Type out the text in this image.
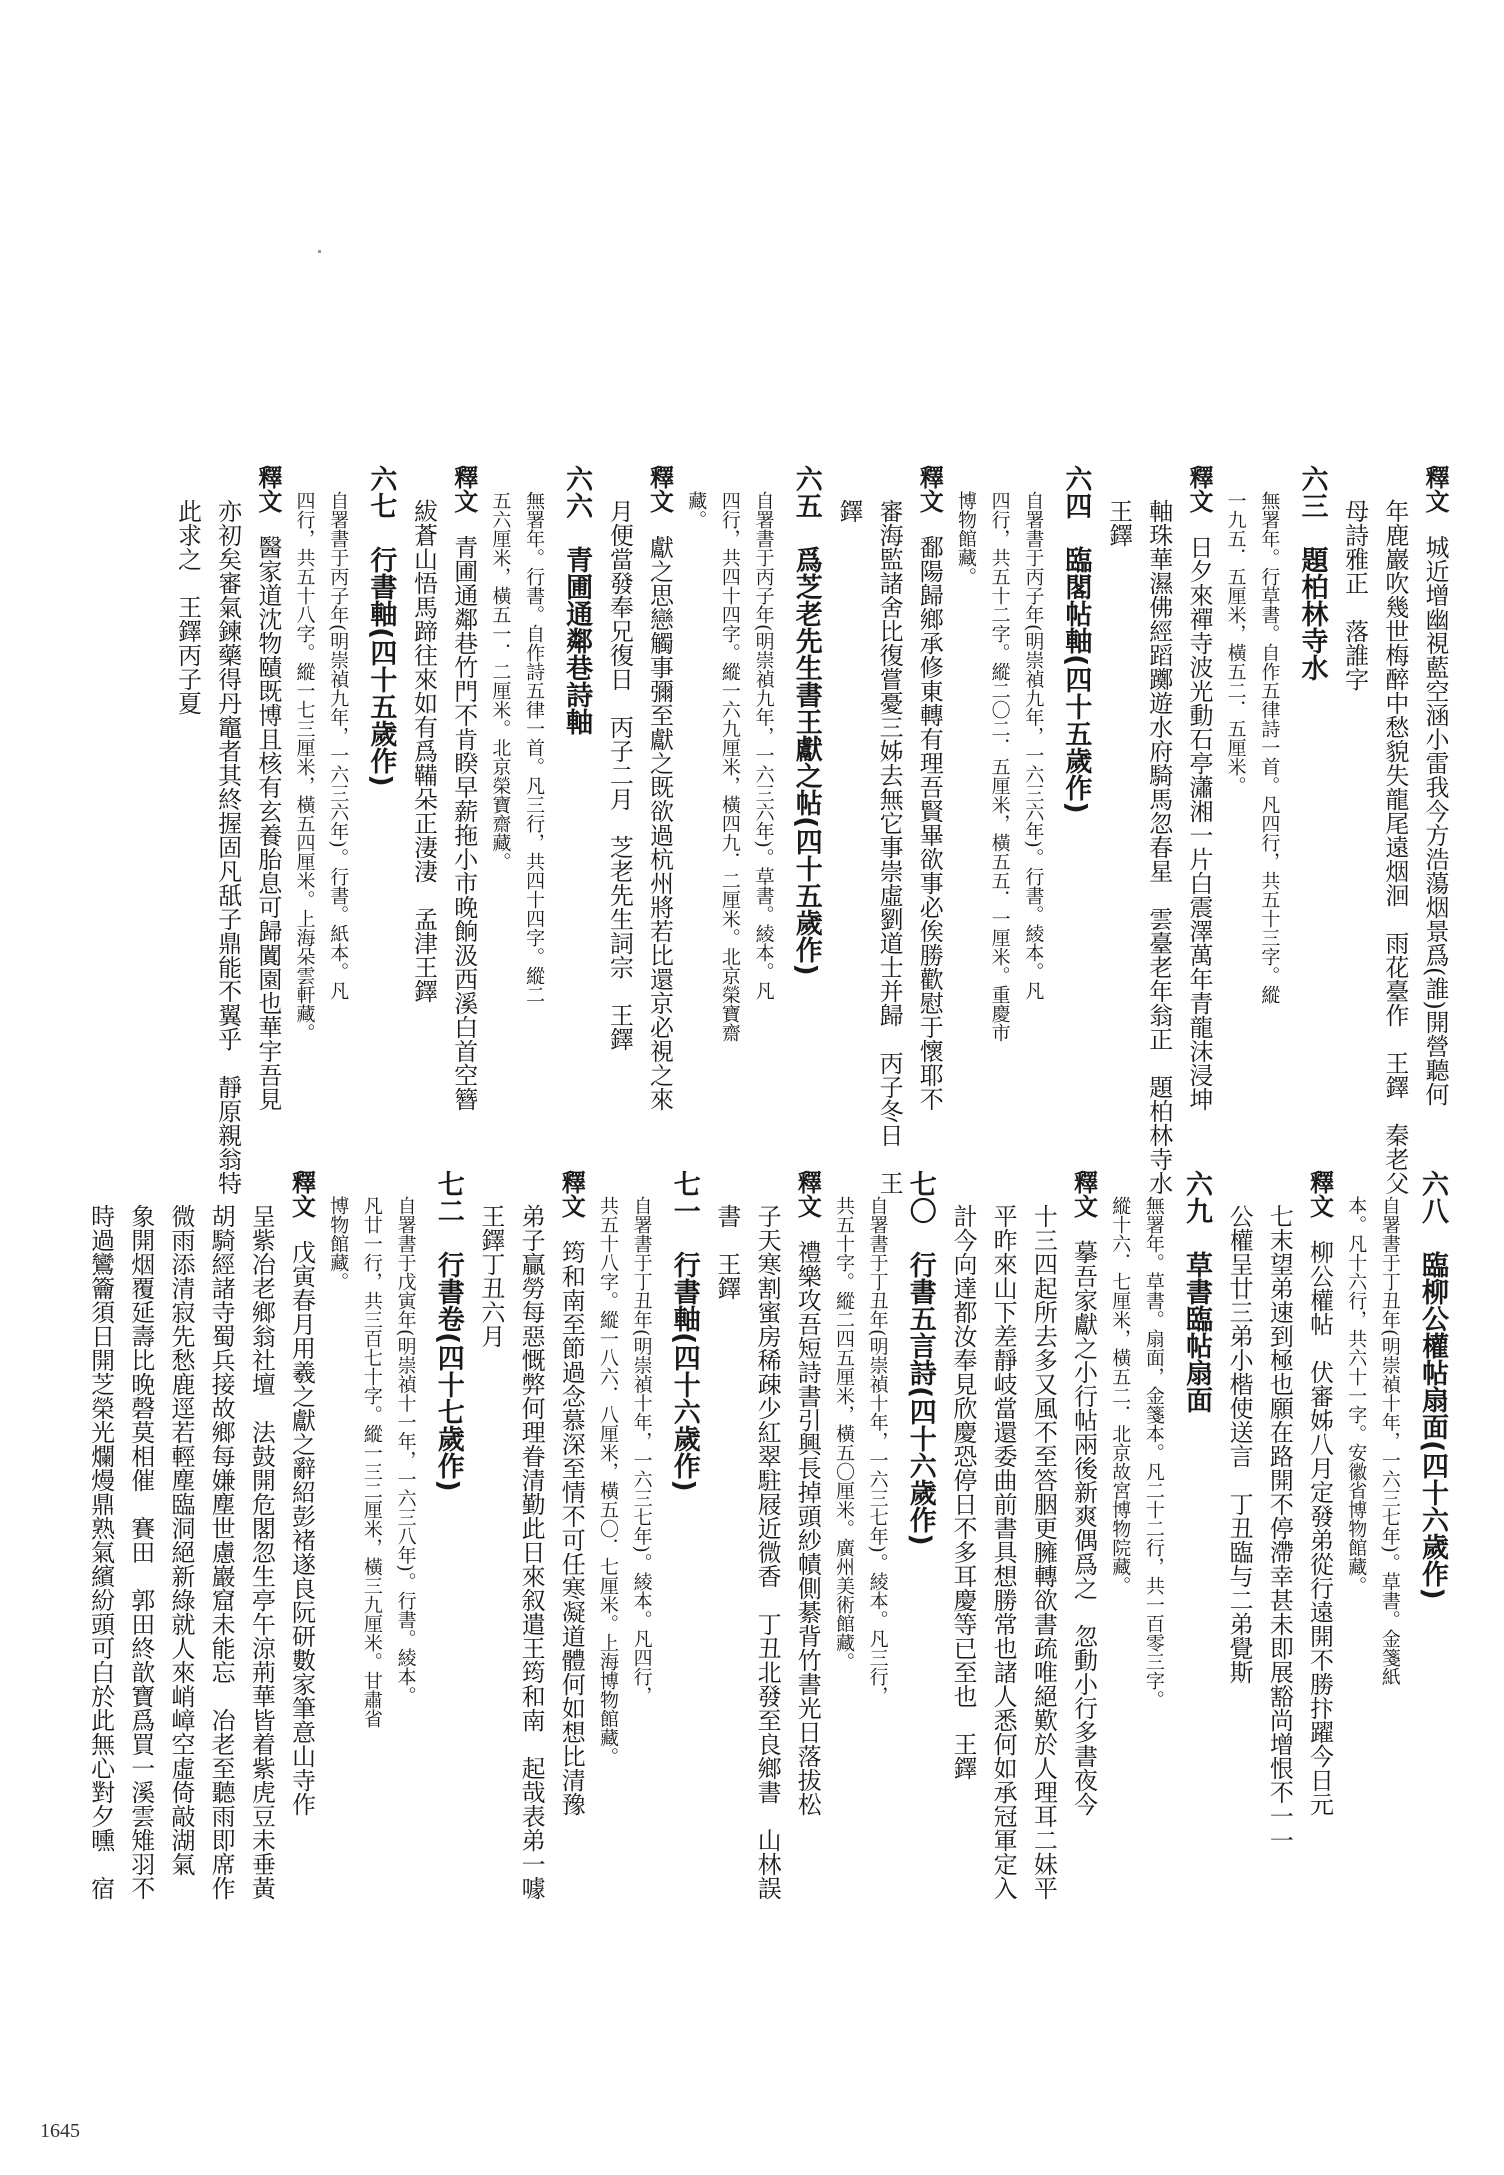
釋文城近增幽視藍空涵小雷我今方浩蕩烟景爲(誰)開營聽何
年鹿巖吹幾世梅醉中愁貌失龍尾遠烟洄　雨花臺作　王鐸　秦老父
母詩雅正　落誰字
六三　題柏林寺水
無署年。行草書。自作五律詩一首。凡四行，共五十三字。縱
一九五．五厘米，橫五二．五厘米。
釋文日夕來禪寺波光動石亭瀟湘一片白震澤萬年青龍沫浸坤
軸珠華濕佛經蹈躑遊水府騎馬忽春星　雲臺老年翁正　題柏林寺水
王鐸
六四　臨閣帖軸(四十五歲作)
自署書于丙子年(明崇禎九年，一六三六年)。行書。綾本。凡
四行，共五十二字。縱二〇二．五厘米，橫五五．一厘米。重慶市
博物館藏。
釋文鄱陽歸鄉承修東轉有理吾賢畢欲事必俟勝歡慰于懷耶不
審海監諸舍比復嘗憂三姊去無它事崇虛劉道士并歸　丙子冬日　王
鐸
六五　爲芝老先生書王獻之帖(四十五歲作)
自署書于丙子年(明崇禎九年，一六三六年)。草書。綾本。凡
四行，共四十四字。縱一六九厘米，橫四九．二厘米。北京榮寶齋
藏。
釋文獻之思戀觸事彌至獻之既欲過杭州將若比還京必視之來
月便當發奉兄復日　丙子二月　芝老先生詞宗　王鐸
六六　青圃通鄰巷詩軸
無署年。行書。自作詩五律一首。凡三行，共四十四字。縱二
五六厘米，橫五一．二厘米。北京榮寶齋藏。
釋文青圃通鄰巷竹門不肯睽早薪拖小市晚餉汲西溪白首空簪
紱蒼山悟馬蹄往來如有爲鞴朵正淒淒　孟津王鐸
六七　行書軸(四十五歲作)
自署書于丙子年(明崇禎九年，一六三六年)。行書。紙本。凡
四行，共五十八字。縱一七三厘米，橫五四厘米。上海朵雲軒藏。
釋文醫家道沈物賾既博且核有玄養胎息可歸闐園也華宇吾見
亦初矣審氣鍊藥得丹竈者其終握固凡舐子鼎能不翼乎　靜原親翁特
此求之　王鐸丙子夏
六八　臨柳公權帖扇面(四十六歲作)
自署書于丁丑年(明崇禎十年，一六三七年)。草書。金箋紙
本。凡十六行，共六十一字。安徽省博物館藏。
釋文柳公權帖　伏審姊八月定發弟從行遠開不勝抃躍今日元
七末望弟速到極也願在路開不停滯幸甚未即展豁尚增恨不一一
公權呈廿三弟小楷使送言　丁丑臨与二弟覺斯
六九　草書臨帖扇面
無署年。草書。扇面，金箋本。凡二十二行，共一百零三字。
縱十六．七厘米，橫五二．北京故宮博物院藏。
釋文摹吾家獻之小行帖兩後新爽偶爲之　忽動小行多書夜今
十三四起所去多又風不至答胭更臃轉欲書疏唯絕歎於人理耳二妹平
平昨來山下差靜岐當還委曲前書具想勝常也諸人悉何如承冠軍定入
計今向達都汝奉見欣慶恐停日不多耳慶等已至也　王鐸
七〇　行書五言詩(四十六歲作)
自署書于丁丑年(明崇禎十年，一六三七年)。綾本。凡三行，
共五十字。縱二四五厘米，橫五〇厘米。廣州美術館藏。
釋文禮樂攻吾短詩書引興長掉頭紗幘側綦背竹書光日落拔松
子天寒割蜜房稀疎少紅翠駐屐近微香　丁丑北發至良鄉書　山林誤
書　王鐸
七一　行書軸(四十六歲作)
自署書于丁丑年(明崇禎十年，一六三七年)。綾本。凡四行，
共五十八字。縱一八六．八厘米，橫五〇．七厘米。上海博物館藏。
釋文筠和南至節過念慕深至情不可任寒凝道體何如想比清豫
弟子贏勞每惡慨弊何理眷清勤此日來叙遣王筠和南　起哉表弟一噱
王鐸丁丑六月
七二　行書卷(四十七歲作)
自署書于戊寅年(明崇禎十一年，一六三八年)。行書。綾本。
凡廿一行，共三百七十字。縱一三二厘米，橫三九厘米。甘肅省
博物館藏。
釋文戊寅春月用羲之獻之辭紹彭褚遂良阮研數家筆意山寺作
呈紫冶老鄉翁社壇　法鼓開危閣忽生亭午涼荊華皆着紫虎豆未垂黃
胡騎經諸寺蜀兵接故鄉每嫌塵世慮巖窟未能忘　冶老至聽雨即席作
微雨添清寂先愁鹿逕若輕塵臨洞絕新綠就人來峭嶂空虛倚敲湖氣
象開烟覆延壽比晚磬莫相催　賽田　郭田終歆寶爲買一溪雲雉羽不
時過鸞籥須日開芝榮光爛熳鼎熟氣繽紛頭可白於此無心對夕曛　宿
1645
